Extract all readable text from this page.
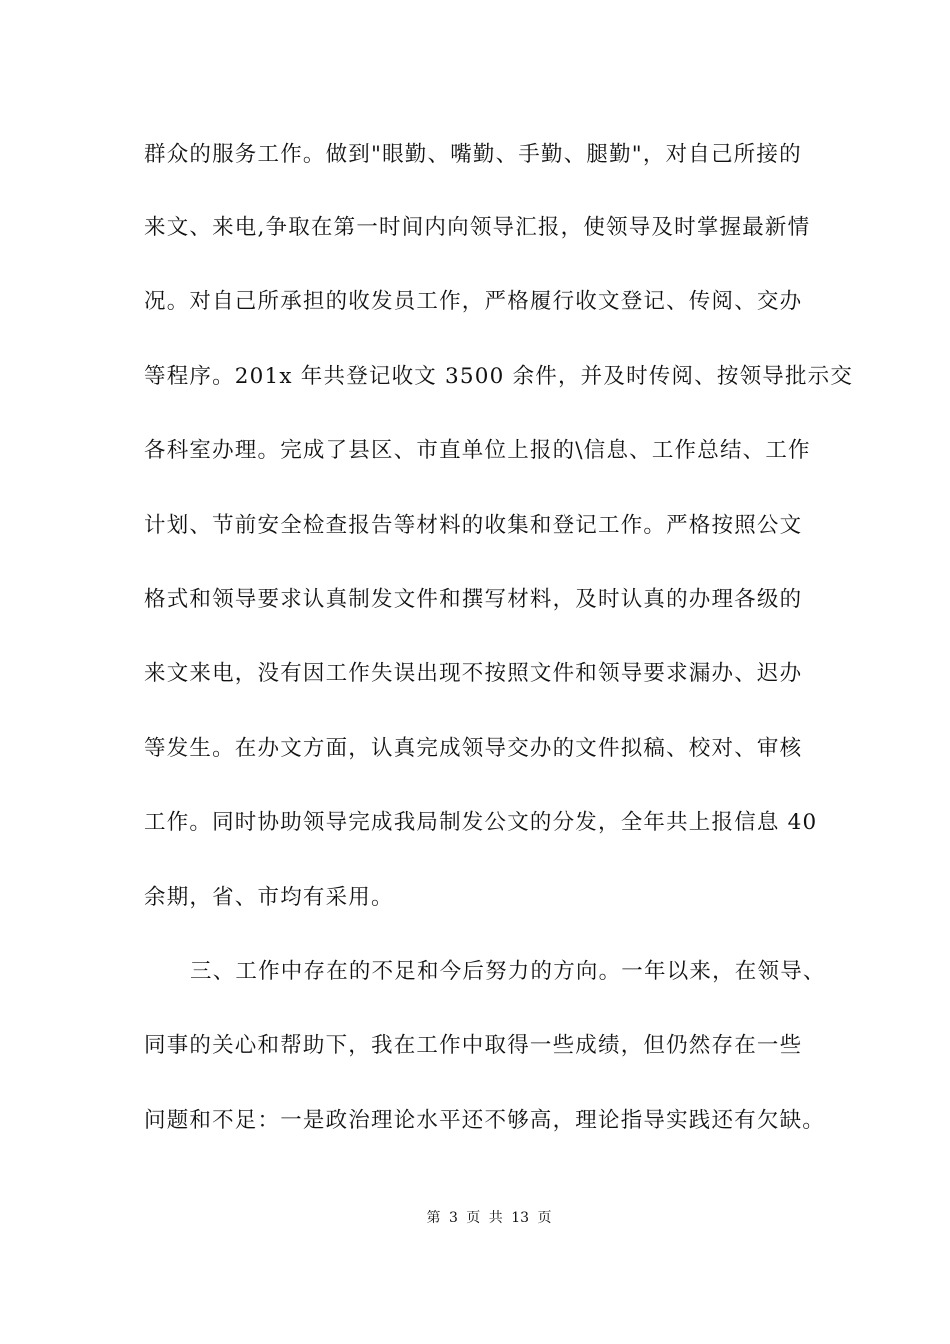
群众的服务工作。做到"眼勤、嘴勤、手勤、腿勤"，对自己所接的
来文、来电,争取在第一时间内向领导汇报，使领导及时掌握最新情
况。对自己所承担的收发员工作，严格履行收文登记、传阅、交办
等程序。201x 年共登记收文 3500 余件，并及时传阅、按领导批示交
各科室办理。完成了县区、市直单位上报的\信息、工作总结、工作
计划、节前安全检查报告等材料的收集和登记工作。严格按照公文
格式和领导要求认真制发文件和撰写材料，及时认真的办理各级的
来文来电，没有因工作失误出现不按照文件和领导要求漏办、迟办
等发生。在办文方面，认真完成领导交办的文件拟稿、校对、审核
工作。同时协助领导完成我局制发公文的分发，全年共上报信息 40
余期，省、市均有采用。
三、工作中存在的不足和今后努力的方向。一年以来，在领导、
同事的关心和帮助下，我在工作中取得一些成绩，但仍然存在一些
问题和不足：一是政治理论水平还不够高，理论指导实践还有欠缺。
第 3 页 共 13 页
